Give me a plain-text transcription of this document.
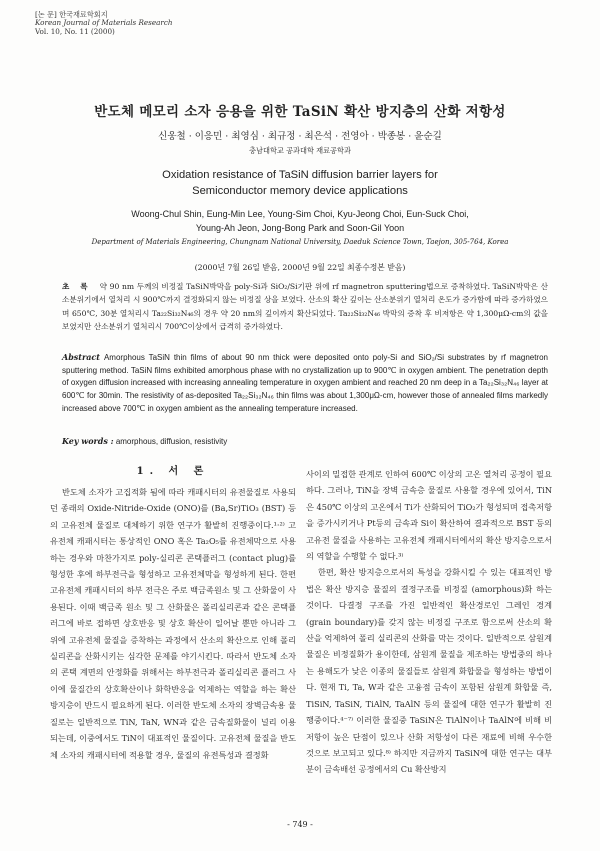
[논 문] 한국재료학회지
Korean Journal of Materials Research
Vol. 10, No. 11 (2000)
반도체 메모리 소자 응용을 위한 TaSiN 확산 방지층의 산화 저항성
신웅철 · 이응민 · 최영심 · 최규정 · 최은석 · 전영아 · 박종봉 · 윤순길
충남대학교 공과대학 재료공학과
Oxidation resistance of TaSiN diffusion barrier layers for
Semiconductor memory device applications
Woong-Chul Shin, Eung-Min Lee, Young-Sim Choi, Kyu-Jeong Choi, Eun-Suck Choi,
Young-Ah Jeon, Jong-Bong Park and Soon-Gil Yoon
Department of Materials Engineering, Chungnam National University, Daeduk Science Town, Taejon, 305-764, Korea
(2000년 7월 26일 받음, 2000년 9월 22일 최종수정본 받음)
초 록 약 90 nm 두께의 비정질 TaSiN박막을 poly-Si과 SiO₂/Si기판 위에 rf magnetron sputtering법으로 증착하였다. TaSiN박막은 산소분위기에서 열처리 시 900℃까지 결정화되지 않는 비정질 상을 보였다. 산소의 확산 깊이는 산소분위기 열처리 온도가 증가함에 따라 증가하였으며 650℃, 30분 열처리시 Ta₂₂Si₃₂N₄₆의 경우 약 20 nm의 깊이까지 확산되었다. Ta₂₂Si₃₂N₄₆ 박막의 증착 후 비저항은 약 1,300μΩ-cm의 값을 보였지만 산소분위기 열처리시 700℃이상에서 급격히 증가하였다.
Abstract Amorphous TaSiN thin films of about 90 nm thick were deposited onto poly-Si and SiO₂/Si substrates by rf magnetron sputtering method. TaSiN films exhibited amorphous phase with no crystallization up to 900℃ in oxygen ambient. The penetration depth of oxygen diffusion increased with increasing annealing temperature in oxygen ambient and reached 20 nm deep in a Ta₂₂Si₃₂N₄₆ layer at 600℃ for 30min. The resistivity of as-deposited Ta₂₂Si₃₂N₄₆ thin films was about 1,300μΩ-cm, however those of annealed films markedly increased above 700℃ in oxygen ambient as the annealing temperature increased.
Key words : amorphous, diffusion, resistivity
1. 서 론

반도체 소자가 고집적화 됨에 따라 캐패시터의 유전물질로 사용되던 종래의 Oxide-Nitride-Oxide (ONO)를 (Ba,Sr)TiO₃ (BST) 등의 고유전체 물질로 대체하기 위한 연구가 활발히 진행중이다.¹·²⁾ 고유전체 캐패시터는 통상적인 ONO 혹은 Ta₂O₅를 유전체막으로 사용하는 경우와 마찬가지로 poly-실리콘 콘택플러그 (contact plug)를 형성한 후에 하부전극을 형성하고 고유전체막을 형성하게 된다. 한편 고유전체 캐패시터의 하부 전극은 주로 백금족원소 및 그 산화물이 사용된다. 이때 백금족 원소 및 그 산화물은 폴리실리콘과 같은 콘택플러그에 바로 접하면 상호반응 및 상호 확산이 일어날 뿐만 아니라 그 위에 고유전체 물질을 증착하는 과정에서 산소의 확산으로 인해 폴리실리콘을 산화시키는 심각한 문제를 야기시킨다. 따라서 반도체 소자의 콘택 계면의 안정화를 위해서는 하부전극과 폴리실리콘 플러그 사이에 물질간의 상호확산이나 화학반응을 억제하는 역할을 하는 확산 방지층이 반드시 필요하게 된다. 이러한 반도체 소자의 장벽금속용 물질로는 일반적으로 TiN, TaN, WN과 같은 금속질화물이 널리 이용되는데, 이중에서도 TiN이 대표적인 물질이다. 고유전체 물질을 반도체 소자의 캐패시터에 적용할 경우, 물질의 유전특성과 결정화

사이의 밀접한 관계로 인하여 600℃ 이상의 고온 열처리 공정이 필요하다. 그러나, TiN을 장벽 금속층 물질로 사용할 경우에 있어서, TiN은 450℃ 이상의 고온에서 Ti가 산화되어 TiO₂가 형성되며 접촉저항을 증가시키거나 Pt등의 금속과 Si이 확산하여 결과적으로 BST 등의 고유전 물질을 사용하는 고유전체 캐패시터에서의 확산 방지층으로서의 역할을 수행할 수 없다.³⁾

한편, 확산 방지층으로서의 특성을 강화시킬 수 있는 대표적인 방법은 확산 방지층 물질의 결정구조를 비정질 (amorphous)화 하는 것이다. 다결정 구조를 가진 일반적인 확산경로인 그레인 경계 (grain boundary)를 갖지 않는 비정질 구조로 함으로써 산소의 확산을 억제하여 폴리 실리콘의 산화를 막는 것이다. 일반적으로 삼원계 물질은 비정질화가 용이한데, 삼원계 물질을 제조하는 방법중의 하나는 용해도가 낮은 이종의 물질들로 삼원계 화합물을 형성하는 방법이다. 현재 Ti, Ta, W과 같은 고융점 금속이 포함된 삼원계 화합물 즉, TiSiN, TaSiN, TiAlN, TaAlN 등의 물질에 대한 연구가 활발히 진행중이다.⁴⁻⁷⁾ 이러한 물질중 TaSiN은 TiAlN이나 TaAlN에 비해 비저항이 높은 단점이 있으나 산화 저항성이 다른 재료에 비해 우수한 것으로 보고되고 있다.⁸⁾ 하지만 지금까지 TaSiN에 대한 연구는 대부분이 금속배선 공정에서의 Cu 확산방지

- 749 -
